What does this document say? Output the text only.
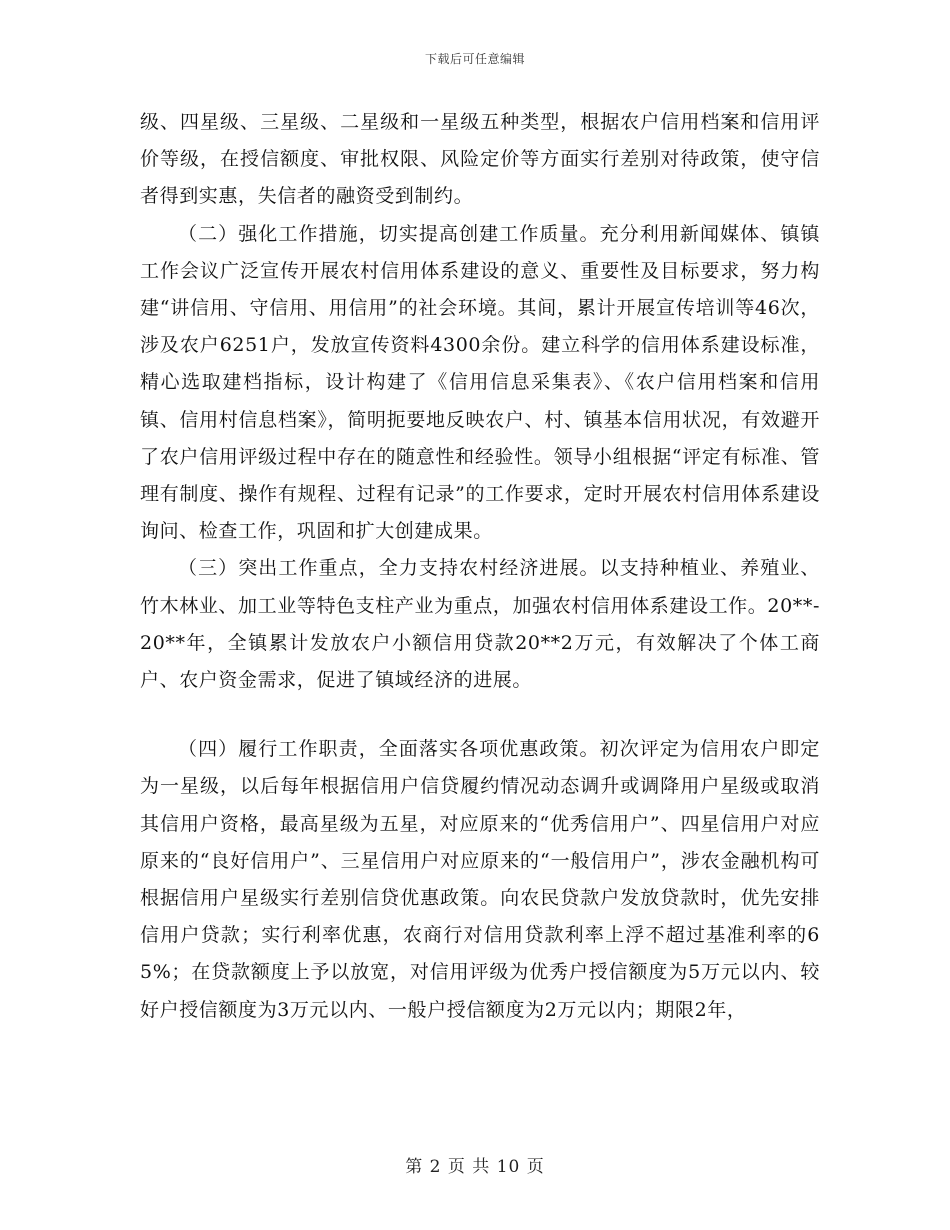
下载后可任意编辑

级、四星级、三星级、二星级和一星级五种类型，根据农户信用档案和信用评价等级，在授信额度、审批权限、风险定价等方面实行差别对待政策，使守信者得到实惠，失信者的融资受到制约。

（二）强化工作措施，切实提高创建工作质量。充分利用新闻媒体、镇镇工作会议广泛宣传开展农村信用体系建设的意义、重要性及目标要求，努力构建“讲信用、守信用、用信用”的社会环境。其间，累计开展宣传培训等46次，涉及农户6251户，发放宣传资料4300余份。建立科学的信用体系建设标准，精心选取建档指标，设计构建了《信用信息采集表》、《农户信用档案和信用镇、信用村信息档案》，简明扼要地反映农户、村、镇基本信用状况，有效避开了农户信用评级过程中存在的随意性和经验性。领导小组根据“评定有标准、管理有制度、操作有规程、过程有记录”的工作要求，定时开展农村信用体系建设询问、检查工作，巩固和扩大创建成果。

（三）突出工作重点，全力支持农村经济进展。以支持种植业、养殖业、竹木林业、加工业等特色支柱产业为重点，加强农村信用体系建设工作。20**-20**年，全镇累计发放农户小额信用贷款20**2万元，有效解决了个体工商户、农户资金需求，促进了镇域经济的进展。

（四）履行工作职责，全面落实各项优惠政策。初次评定为信用农户即定为一星级，以后每年根据信用户信贷履约情况动态调升或调降用户星级或取消其信用户资格，最高星级为五星，对应原来的“优秀信用户”、四星信用户对应原来的“良好信用户”、三星信用户对应原来的“一般信用户”，涉农金融机构可根据信用户星级实行差别信贷优惠政策。向农民贷款户发放贷款时，优先安排信用户贷款；实行利率优惠，农商行对信用贷款利率上浮不超过基准利率的65%；在贷款额度上予以放宽，对信用评级为优秀户授信额度为5万元以内、较好户授信额度为3万元以内、一般户授信额度为2万元以内；期限2年，

第 2 页 共 10 页
